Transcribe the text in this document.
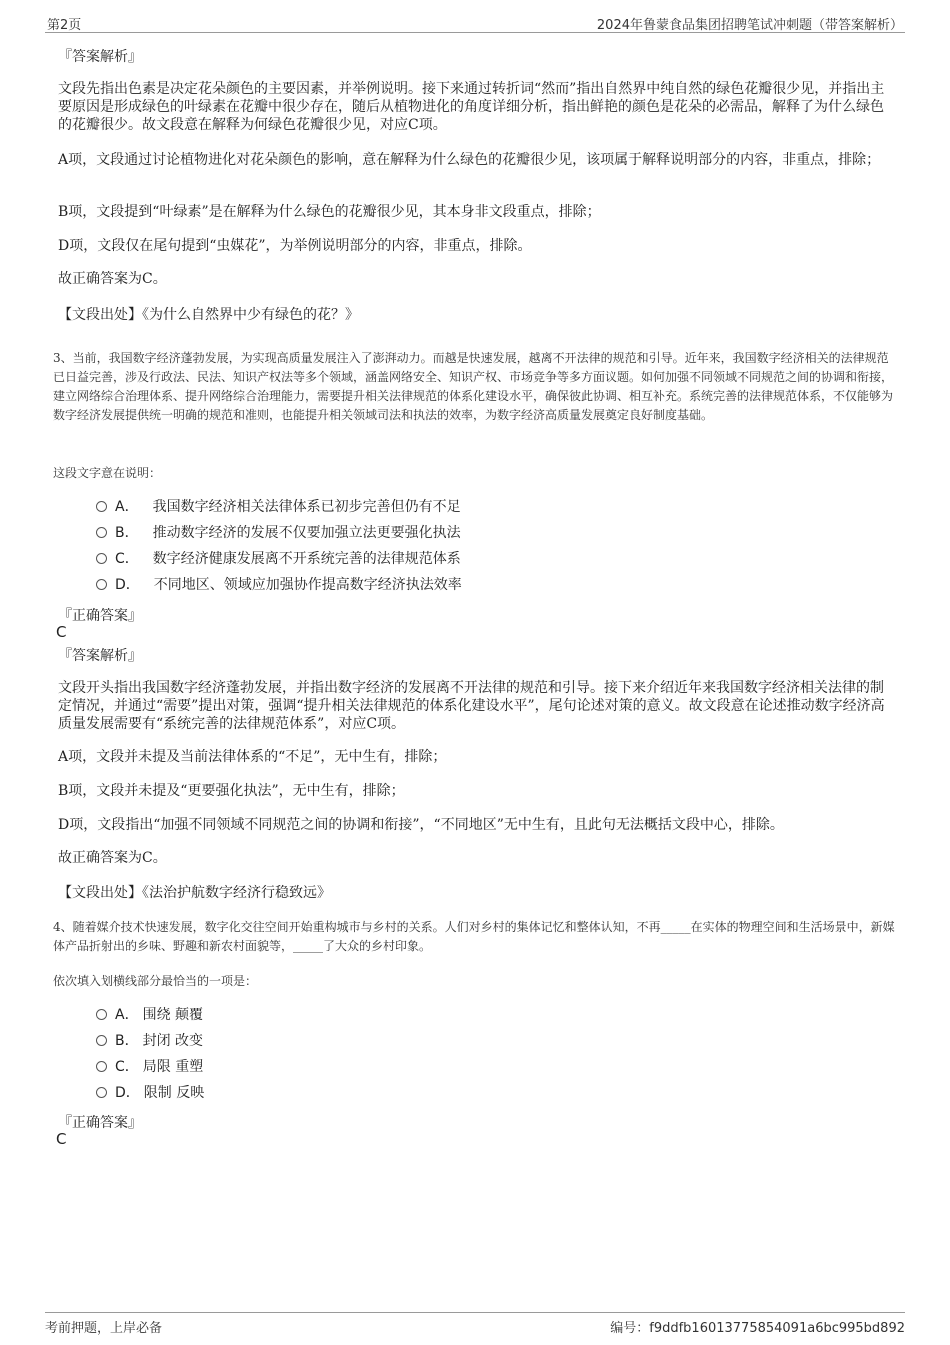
第2页	2024年鲁蒙食品集团招聘笔试冲刺题（带答案解析）
『答案解析』
文段先指出色素是决定花朵颜色的主要因素，并举例说明。接下来通过转折词“然而”指出自然界中纯自然的绿色花瓣很少见，并指出主要原因是形成绿色的叶绿素在花瓣中很少存在，随后从植物进化的角度详细分析，指出鲜艳的颜色是花朵的必需品，解释了为什么绿色的花瓣很少。故文段意在解释为何绿色花瓣很少见，对应C项。
A项，文段通过讨论植物进化对花朵颜色的影响，意在解释为什么绿色的花瓣很少见，该项属于解释说明部分的内容，非重点，排除；
B项，文段提到“叶绿素”是在解释为什么绿色的花瓣很少见，其本身非文段重点，排除；
D项，文段仅在尾句提到“虫媒花”，为举例说明部分的内容，非重点，排除。
故正确答案为C。
【文段出处】《为什么自然界中少有绿色的花？》
3、当前，我国数字经济蓬勃发展，为实现高质量发展注入了澎湃动力。而越是快速发展，越离不开法律的规范和引导。近年来，我国数字经济相关的法律规范已日益完善，涉及行政法、民法、知识产权法等多个领域，涵盖网络安全、知识产权、市场竞争等多方面议题。如何加强不同领域不同规范之间的协调和衔接，建立网络综合治理体系、提升网络综合治理能力，需要提升相关法律规范的体系化建设水平，确保彼此协调、相互补充。系统完善的法律规范体系，不仅能够为数字经济发展提供统一明确的规范和准则，也能提升相关领域司法和执法的效率，为数字经济高质量发展奠定良好制度基础。
这段文字意在说明：
A． 我国数字经济相关法律体系已初步完善但仍有不足
B． 推动数字经济的发展不仅要加强立法更要强化执法
C． 数字经济健康发展离不开系统完善的法律规范体系
D． 不同地区、领域应加强协作提高数字经济执法效率
『正确答案』
C
『答案解析』
文段开头指出我国数字经济蓬勃发展，并指出数字经济的发展离不开法律的规范和引导。接下来介绍近年来我国数字经济相关法律的制定情况，并通过“需要”提出对策，强调“提升相关法律规范的体系化建设水平”，尾句论述对策的意义。故文段意在论述推动数字经济高质量发展需要有“系统完善的法律规范体系”，对应C项。
A项，文段并未提及当前法律体系的“不足”，无中生有，排除；
B项，文段并未提及“更要强化执法”，无中生有，排除；
D项，文段指出“加强不同领域不同规范之间的协调和衔接”，“不同地区”无中生有，且此句无法概括文段中心，排除。
故正确答案为C。
【文段出处】《法治护航数字经济行稳致远》
4、随着媒介技术快速发展，数字化交往空间开始重构城市与乡村的关系。人们对乡村的集体记忆和整体认知，不再_____在实体的物理空间和生活场景中，新媒体产品折射出的乡味、野趣和新农村面貌等，_____了大众的乡村印象。
依次填入划横线部分最恰当的一项是：
A． 围绕 颠覆
B． 封闭 改变
C． 局限 重塑
D． 限制 反映
『正确答案』
C
考前押题，上岸必备	编号：f9ddfb16013775854091a6bc995bd892
